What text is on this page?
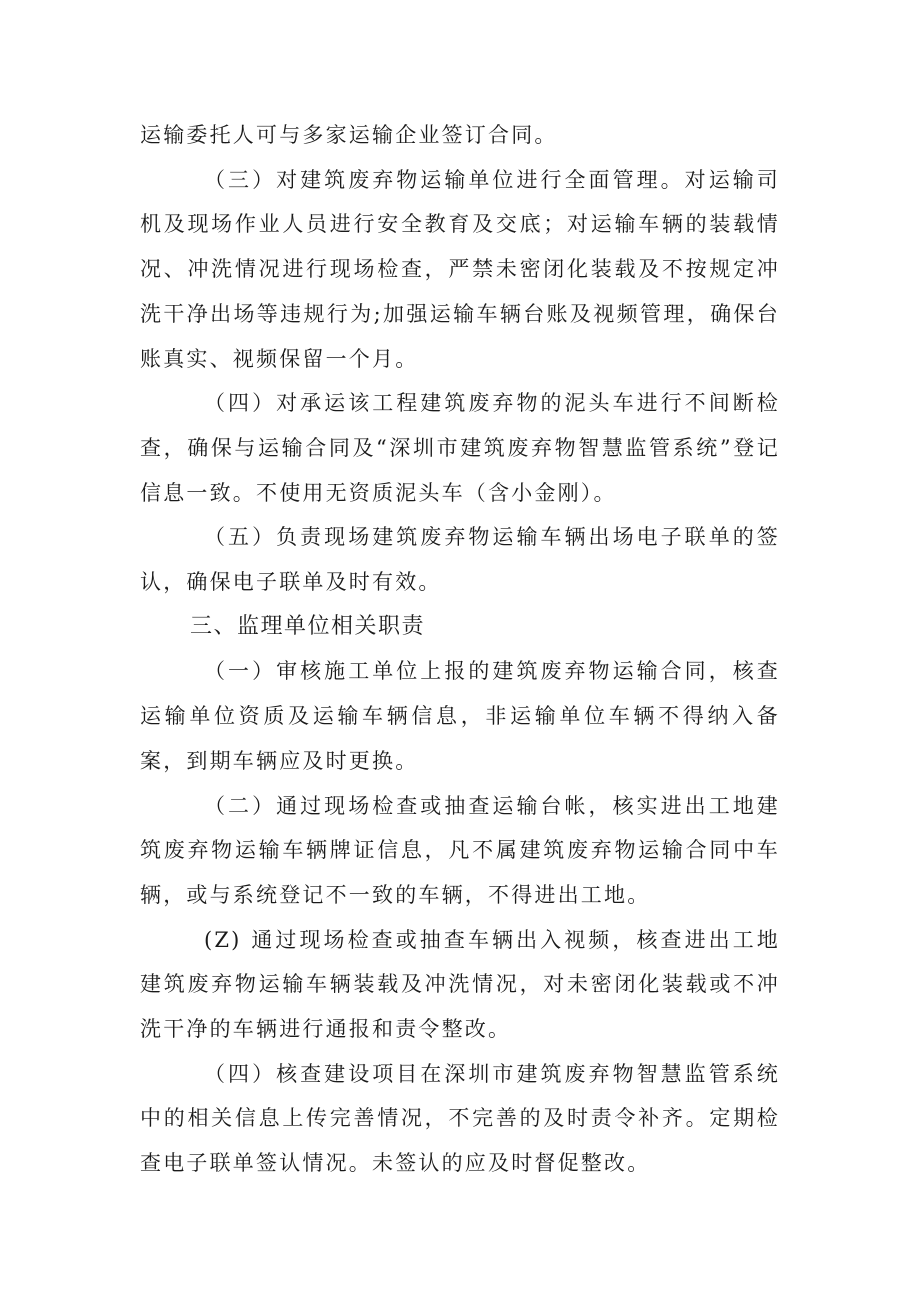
运输委托人可与多家运输企业签订合同。

（三）对建筑废弃物运输单位进行全面管理。对运输司机及现场作业人员进行安全教育及交底；对运输车辆的装载情况、冲洗情况进行现场检查，严禁未密闭化装载及不按规定冲洗干净出场等违规行为;加强运输车辆台账及视频管理，确保台账真实、视频保留一个月。

（四）对承运该工程建筑废弃物的泥头车进行不间断检查，确保与运输合同及“深圳市建筑废弃物智慧监管系统”登记信息一致。不使用无资质泥头车（含小金刚）。

（五）负责现场建筑废弃物运输车辆出场电子联单的签认，确保电子联单及时有效。

三、监理单位相关职责

（一）审核施工单位上报的建筑废弃物运输合同，核查运输单位资质及运输车辆信息，非运输单位车辆不得纳入备案，到期车辆应及时更换。

（二）通过现场检查或抽查运输台帐，核实进出工地建筑废弃物运输车辆牌证信息，凡不属建筑废弃物运输合同中车辆，或与系统登记不一致的车辆，不得进出工地。

(Z) 通过现场检查或抽查车辆出入视频，核查进出工地建筑废弃物运输车辆装载及冲洗情况，对未密闭化装载或不冲洗干净的车辆进行通报和责令整改。

（四）核查建设项目在深圳市建筑废弃物智慧监管系统中的相关信息上传完善情况，不完善的及时责令补齐。定期检查电子联单签认情况。未签认的应及时督促整改。
